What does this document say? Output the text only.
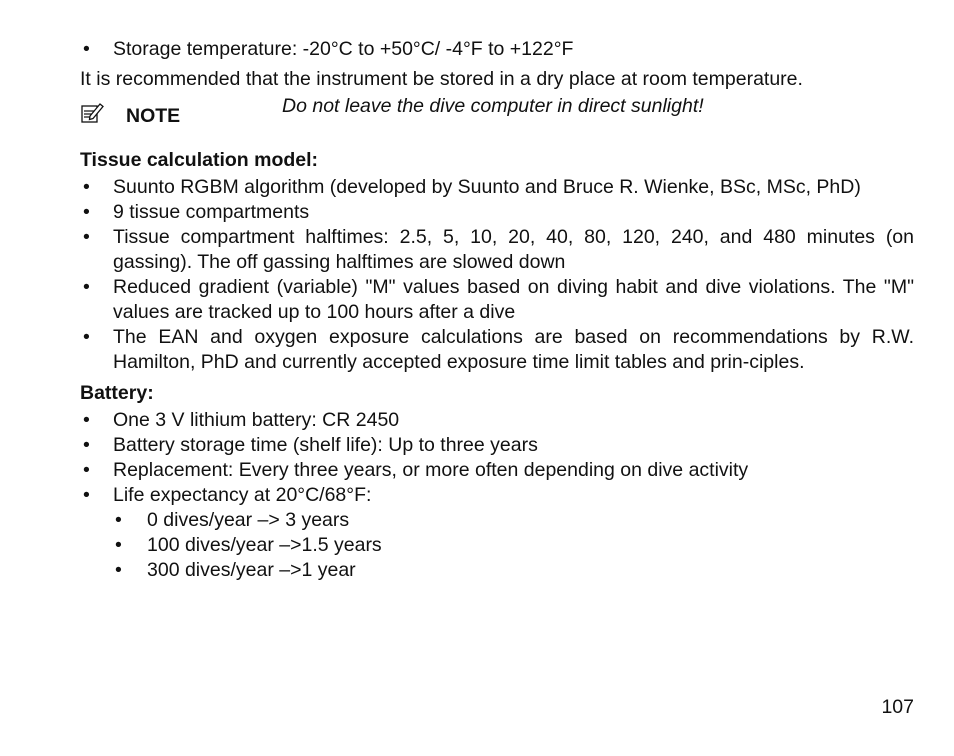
• Storage temperature: -20°C to +50°C/ -4°F to +122°F
It is recommended that the instrument be stored in a dry place at room temperature.
NOTE	Do not leave the dive computer in direct sunlight!
Tissue calculation model:
• Suunto RGBM algorithm (developed by Suunto and Bruce R. Wienke, BSc, MSc, PhD)
• 9 tissue compartments
• Tissue compartment halftimes: 2.5, 5, 10, 20, 40, 80, 120, 240, and 480 minutes (on gassing). The off gassing halftimes are slowed down
• Reduced gradient (variable) "M" values based on diving habit and dive violations. The "M" values are tracked up to 100 hours after a dive
• The EAN and oxygen exposure calculations are based on recommendations by R.W. Hamilton, PhD and currently accepted exposure time limit tables and prin-ciples.
Battery:
• One 3 V lithium battery: CR 2450
• Battery storage time (shelf life): Up to three years
• Replacement: Every three years, or more often depending on dive activity
• Life expectancy at 20°C/68°F:
• 0 dives/year –> 3 years
• 100 dives/year –>1.5 years
• 300 dives/year –>1 year
107
